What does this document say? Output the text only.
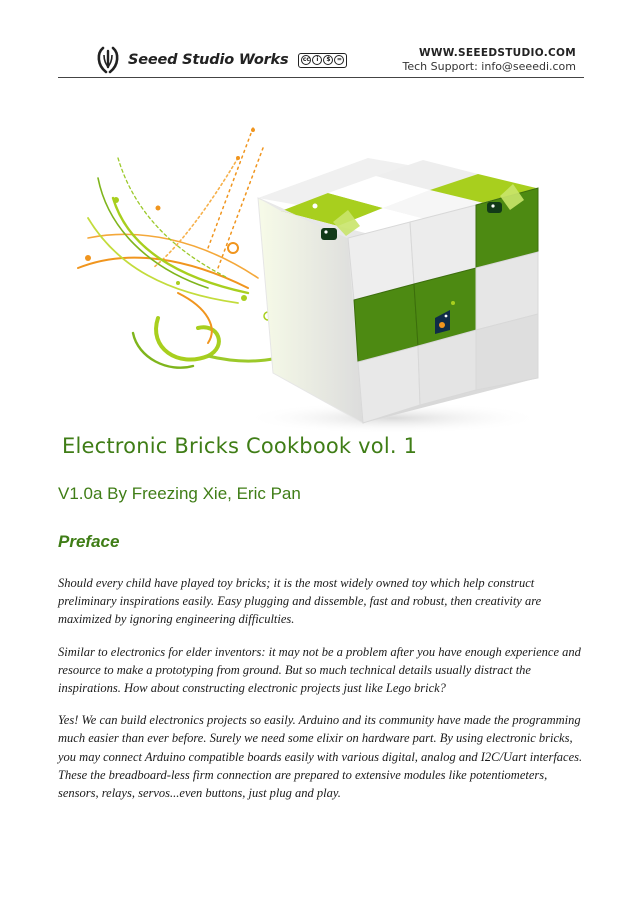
Seeed Studio Works cc	i	$	=
WWW.SEEEDSTUDIO.COM
Tech Support: info@seeedi.com
Electronic Bricks Cookbook vol. 1
V1.0a By Freezing Xie, Eric Pan
Preface

Should every child have played toy bricks; it is the most widely owned toy which help construct preliminary inspirations easily. Easy plugging and dissemble, fast and robust, then creativity are maximized by ignoring engineering difficulties.

Similar to electronics for elder inventors: it may not be a problem after you have enough experience and resource to make a prototyping from ground. But so much technical details usually distract the inspirations. How about constructing electronic projects just like Lego brick?

Yes! We can build electronics projects so easily. Arduino and its community have made the programming much easier than ever before. Surely we need some elixir on hardware part. By using electronic bricks, you may connect Arduino compatible boards easily with various digital, analog and I2C/Uart interfaces. These the breadboard-less firm connection are prepared to extensive modules like potentiometers, sensors, relays, servos...even buttons, just plug and play.
